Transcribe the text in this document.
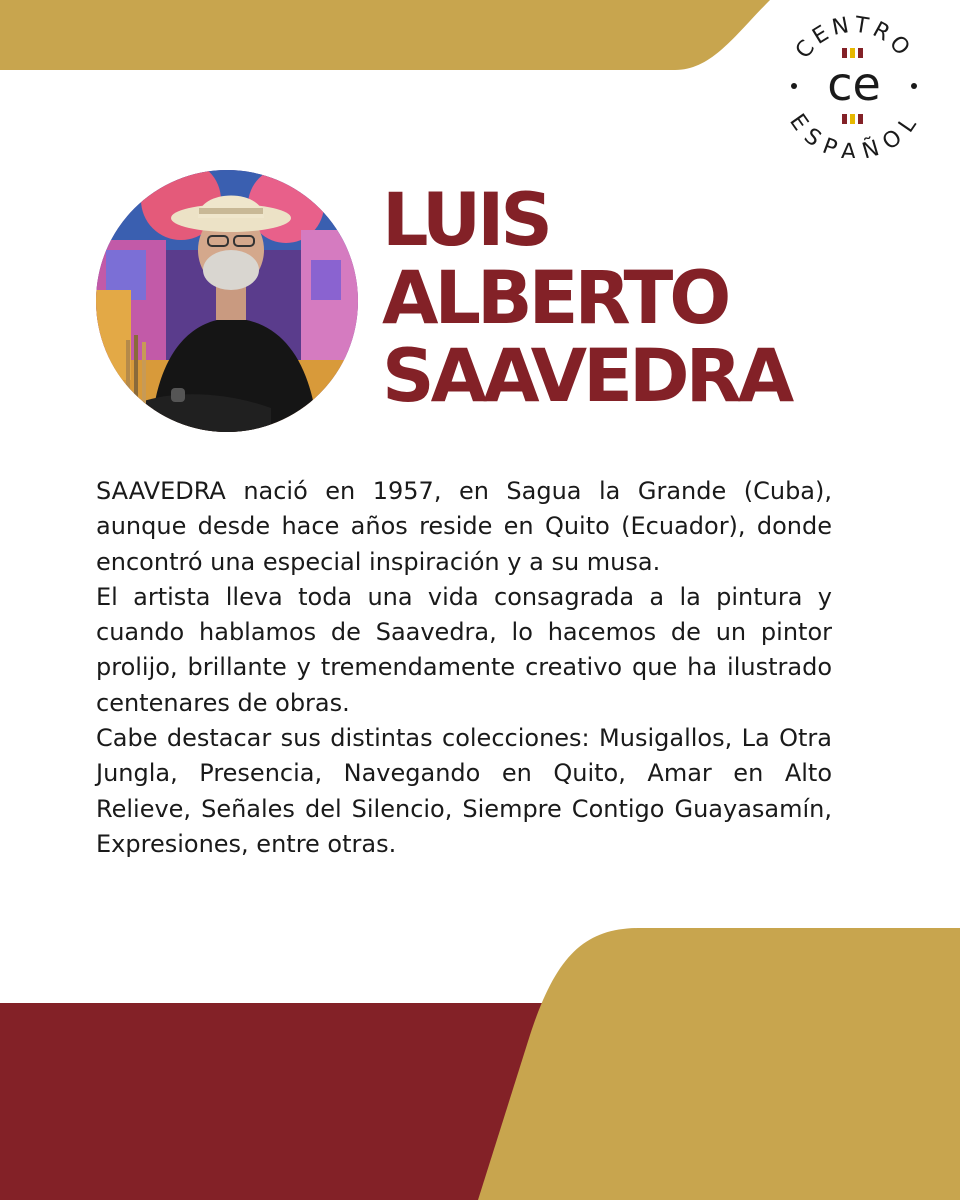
CENTRO
ESPAÑOL
ce
LUIS
ALBERTO
SAAVEDRA

SAAVEDRA nació en 1957, en Sagua la Grande (Cuba), aunque desde hace años reside en Quito (Ecuador), donde encontró una especial inspiración y a su musa.

El artista lleva toda una vida consagrada a la pintura y cuando hablamos de Saavedra, lo hacemos de un pintor prolijo, brillante y tremendamente creativo que ha ilustrado centenares de obras.

Cabe destacar sus distintas colecciones: Musigallos, La Otra Jungla, Presencia, Navegando en Quito, Amar en Alto Relieve, Señales del Silencio, Siempre Contigo Guayasamín, Expresiones, entre otras.
